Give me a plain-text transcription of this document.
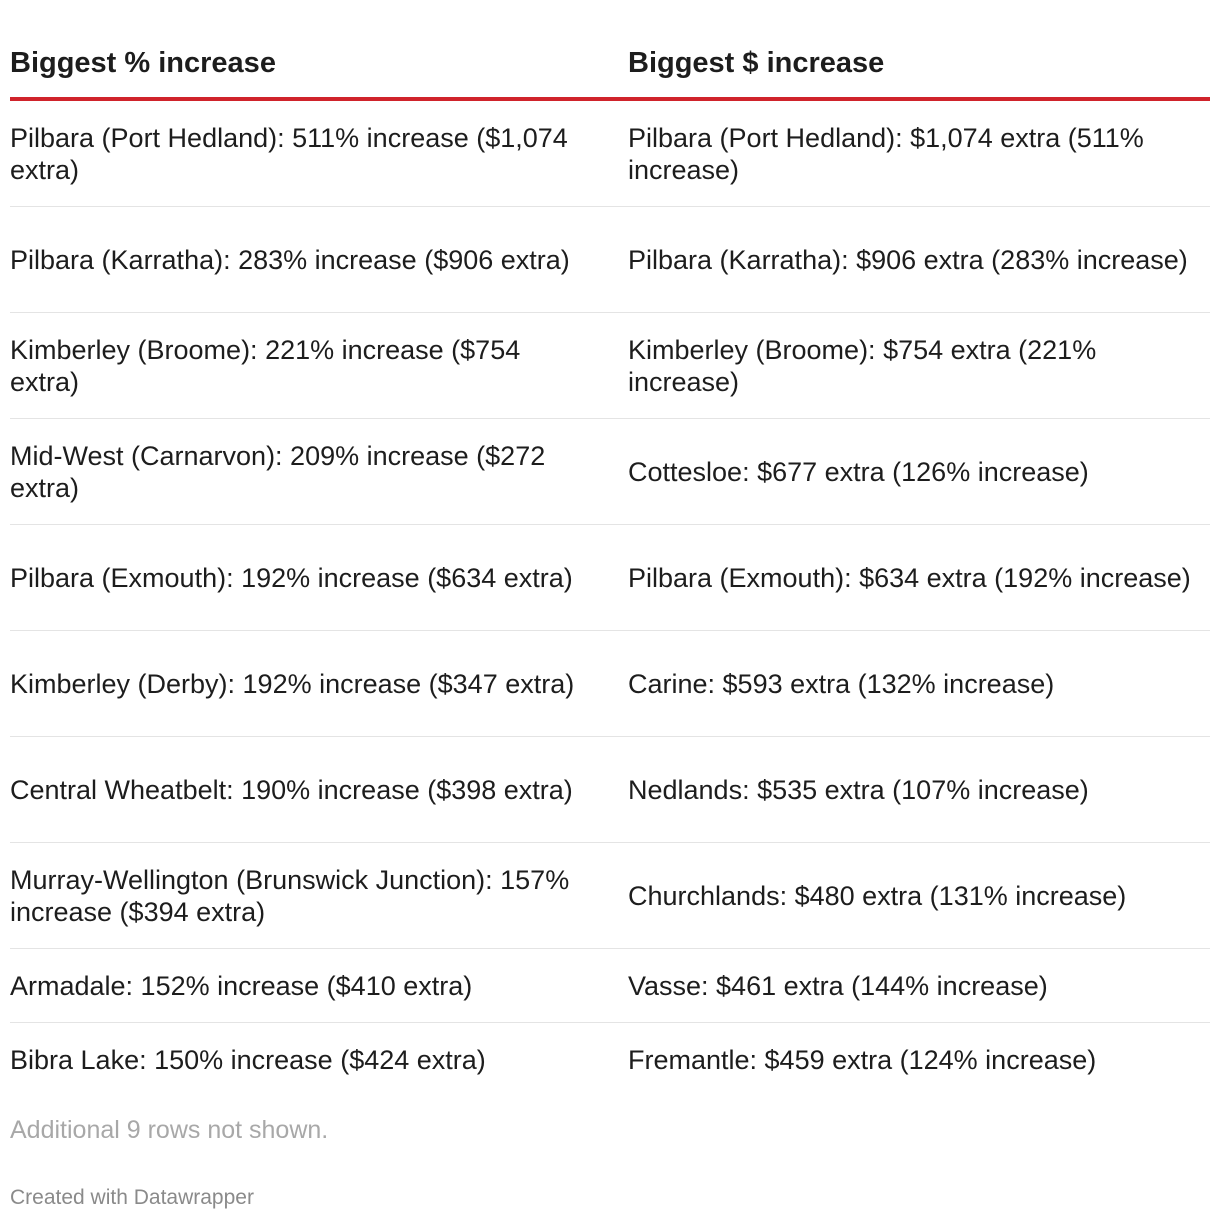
Biggest % increase	Biggest $ increase

Pilbara (Port Hedland): 511% increase ($1,074 extra)	Pilbara (Port Hedland): $1,074 extra (511% increase)

Pilbara (Karratha): 283% increase ($906 extra)	Pilbara (Karratha): $906 extra (283% increase)

Kimberley (Broome): 221% increase ($754 extra)	Kimberley (Broome): $754 extra (221% increase)

Mid-West (Carnarvon): 209% increase ($272 extra)	Cottesloe: $677 extra (126% increase)

Pilbara (Exmouth): 192% increase ($634 extra)	Pilbara (Exmouth): $634 extra (192% increase)

Kimberley (Derby): 192% increase ($347 extra)	Carine: $593 extra (132% increase)

Central Wheatbelt: 190% increase ($398 extra)	Nedlands: $535 extra (107% increase)

Murray-Wellington (Brunswick Junction): 157% increase ($394 extra)	Churchlands: $480 extra (131% increase)

Armadale: 152% increase ($410 extra)	Vasse: $461 extra (144% increase)

Bibra Lake: 150% increase ($424 extra)	Fremantle: $459 extra (124% increase)
Additional 9 rows not shown.
Created with Datawrapper
